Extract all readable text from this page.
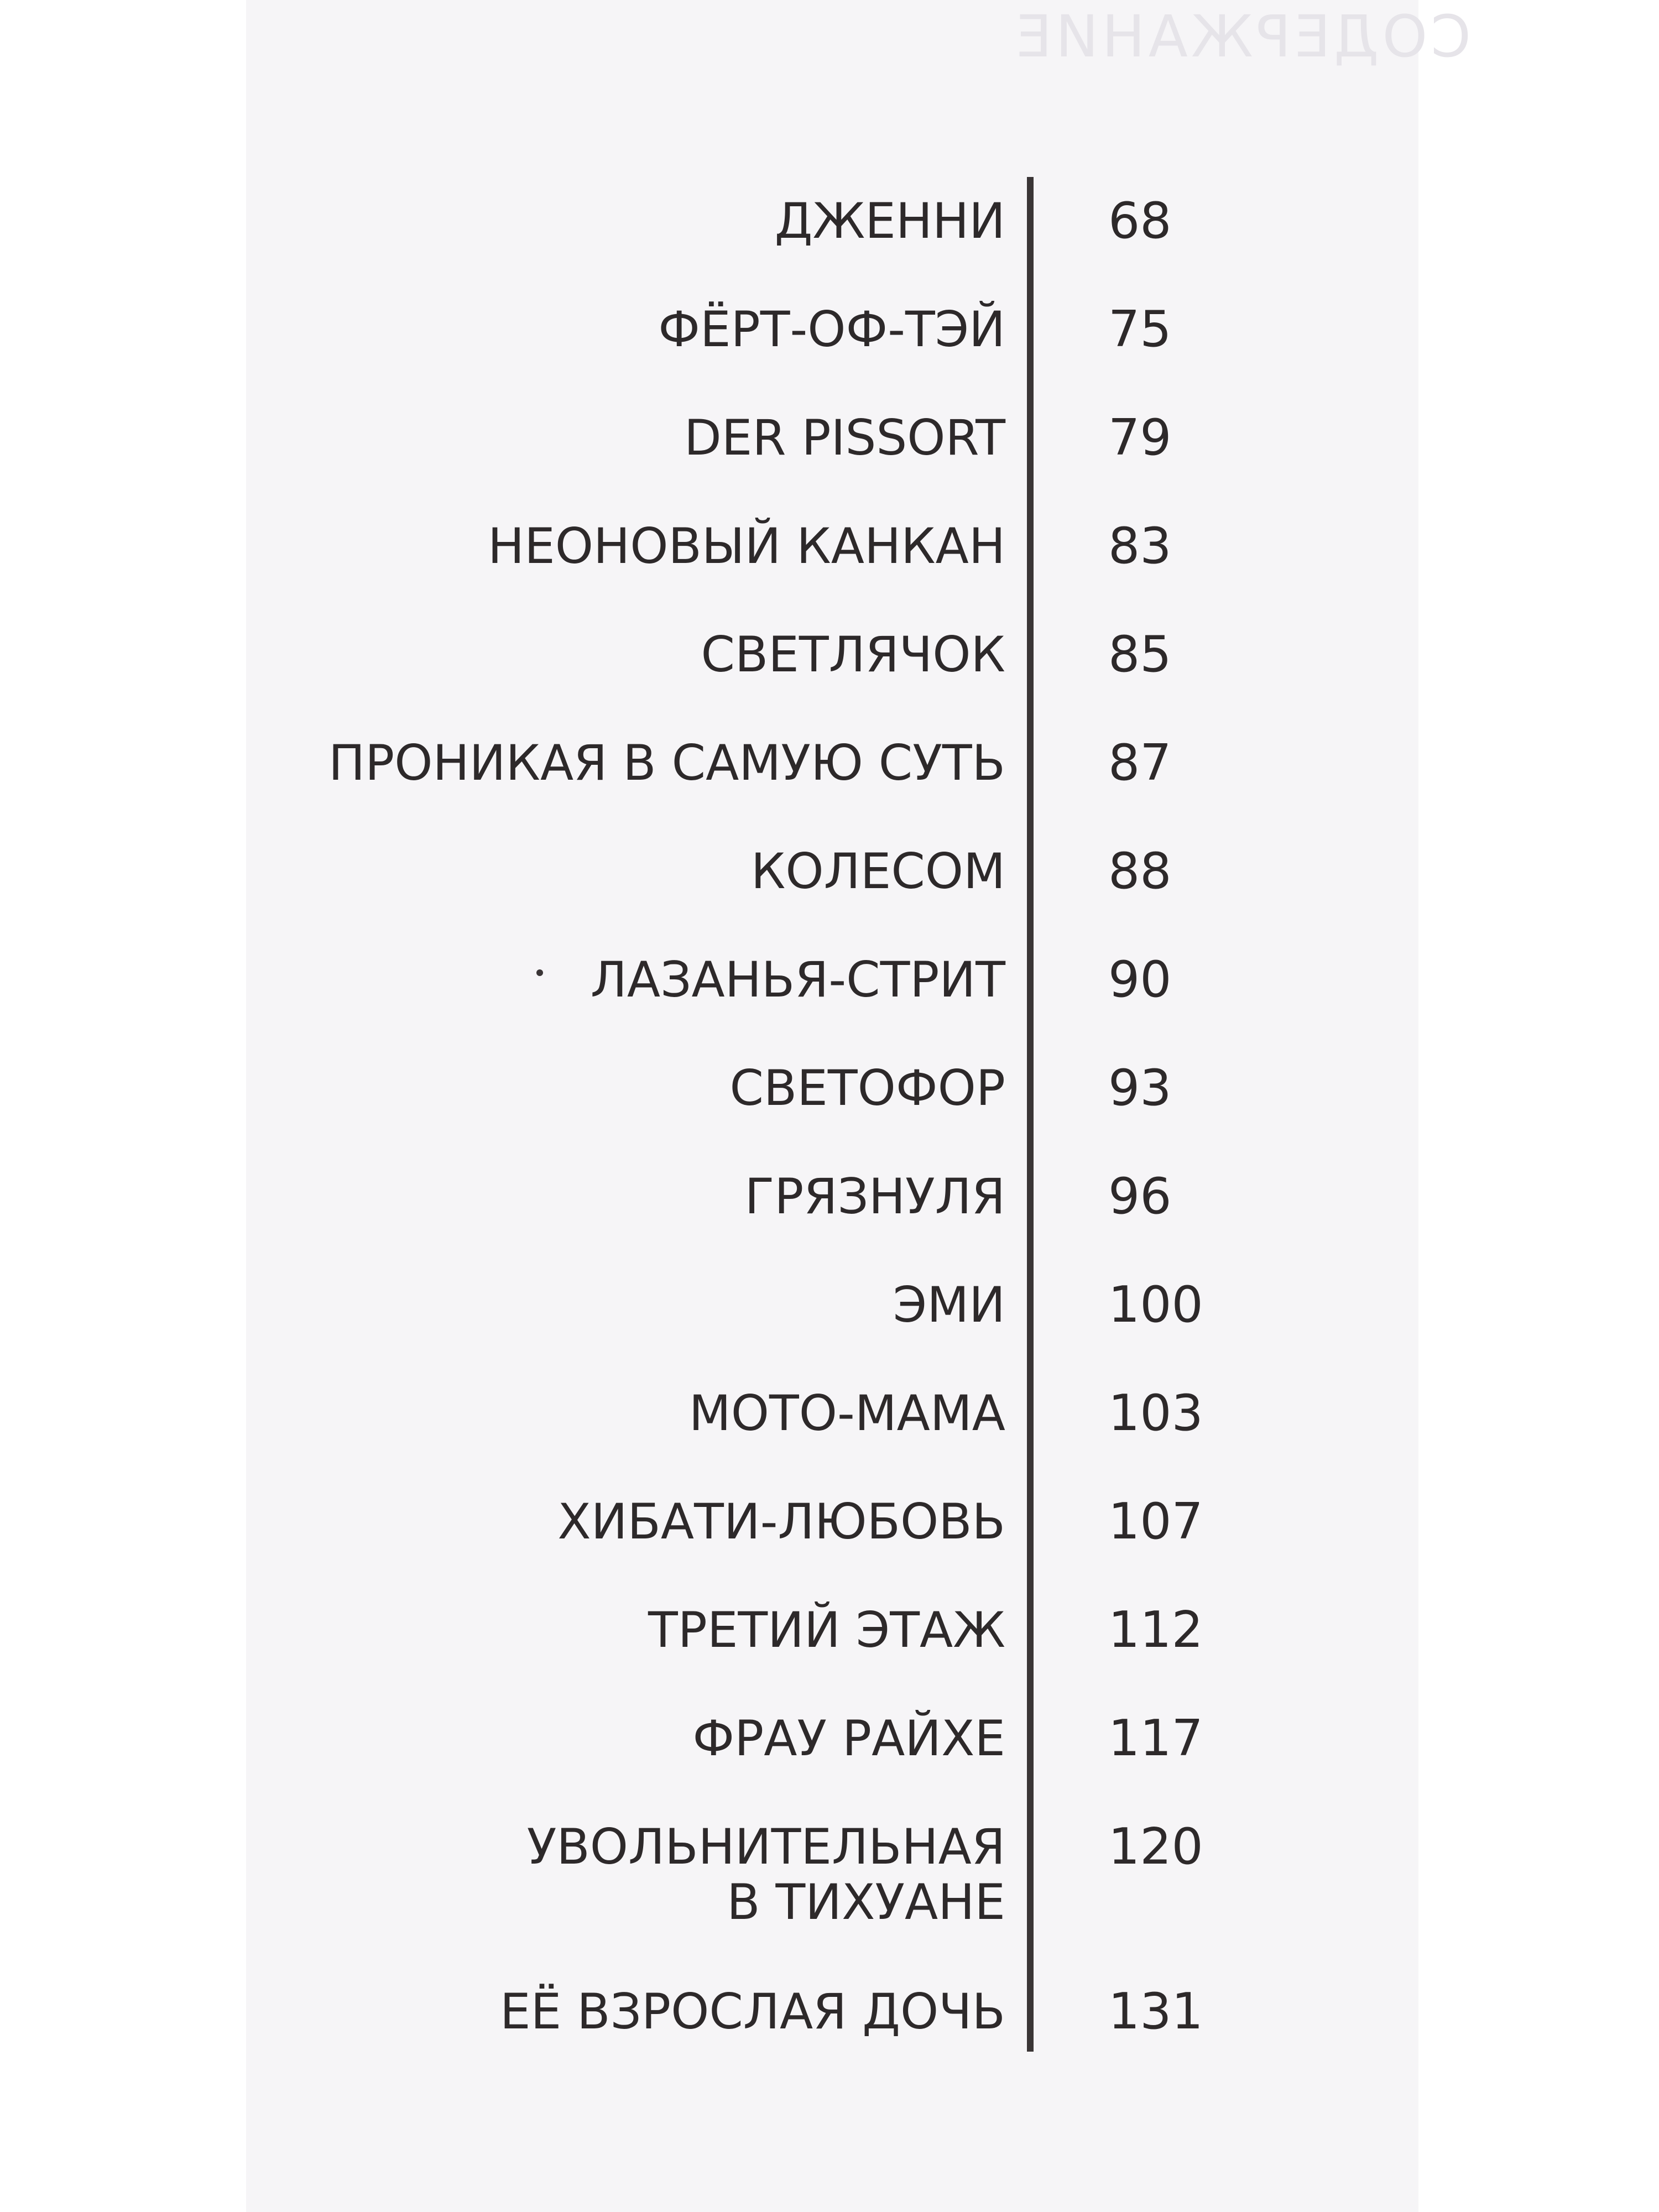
СОДЕРЖАНИЕ
ДЖЕННИ 68
ФЁРТ-ОФ-ТЭЙ 75
DER PISSORT 79
НЕОНОВЫЙ КАНКАН 83
СВЕТЛЯЧОК 85
ПРОНИКАЯ В САМУЮ СУТЬ 87
КОЛЕСОМ 88
ЛАЗАНЬЯ-СТРИТ 90
СВЕТОФОР 93
ГРЯЗНУЛЯ 96
ЭМИ 100
МОТО-МАМА 103
ХИБАТИ-ЛЮБОВЬ 107
ТРЕТИЙ ЭТАЖ 112
ФРАУ РАЙХЕ 117
УВОЛЬНИТЕЛЬНАЯ
В ТИХУАНЕ
120
ЕЁ ВЗРОСЛАЯ ДОЧЬ 131
